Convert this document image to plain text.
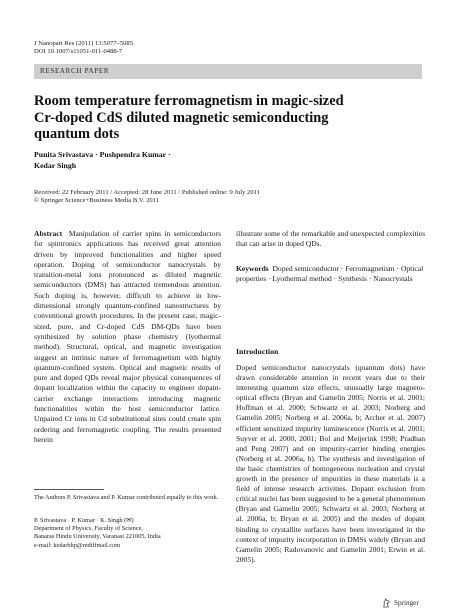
J Nanopart Res (2011) 13:5077–5085
DOI 10.1007/s11051-011-0488-7
RESEARCH PAPER
Room temperature ferromagnetism in magic-sized Cr-doped CdS diluted magnetic semiconducting quantum dots
Punita Srivastava · Pushpendra Kumar ·
Kedar Singh
Received: 22 February 2011 / Accepted: 28 June 2011 / Published online: 9 July 2011
© Springer Science+Business Media B.V. 2011

Abstract Manipulation of carrier spins in semiconductors for spintronics applications has received great attention driven by improved functionalities and higher speed operation. Doping of semiconductor nanocrystals by transition-metal ions pronounced as diluted magnetic semiconductors (DMS) has attracted tremendous attention. Such doping is, however, difficult to achieve in low-dimensional strongly quantum-confined nanostructures by conventional growth procedures. In the present case, magic-sized, pure, and Cr-doped CdS DM-QDs have been synthesized by solution phase chemistry (lyothermal method). Structural, optical, and magnetic investigation suggest an intrinsic nature of ferromagnetism with highly quantum-confined system. Optical and magnetic results of pure and doped QDs reveal major physical consequences of dopant localization within the capacity to engineer dopant-carrier exchange interactions introducing magnetic functionalities within the host semiconductor lattice. Unpaired Cr ions in Cd substitutional sites could create spin ordering and ferromagnetic coupling. The results presented herein

illustrate some of the remarkable and unexpected complexities that can arise in doped QDs.

Keywords Doped semiconductor · Ferromagnetism · Optical properties · Lyothermal method · Synthesis · Nanocrystals
Introduction

Doped semiconductor nanocrystals (quantum dots) have drawn considerable attention in recent years due to their interesting quantum size effects, unusually large magneto-optical effects (Bryan and Gamelin 2005; Norris et al. 2001; Hoffman et al. 2000; Schwartz et al. 2003; Norberg and Gamelin 2005; Norberg et al. 2006a, b; Archer et al. 2007) efficient sensitized impurity luminescence (Norris et al. 2001; Suyver et al. 2000, 2001; Bol and Meijerink 1998; Pradhan and Peng 2007) and on impurity-carrier binding energies (Norberg et al. 2006a, b). The synthesis and investigation of the basic chemistries of homogeneous nucleation and crystal growth in the presence of impurities in these materials is a field of intense research activities. Dopant exclusion from critical nuclei has been suggested to be a general phenomenon (Bryan and Gamelin 2005; Schwartz et al. 2003; Norberg et al. 2006a, b; Bryan et al. 2005) and the modes of dopant binding to crystallite surfaces have been investigated in the context of impurity incorporation in DMSs widely (Bryan and Gamelin 2005; Radovanovic and Gamelin 2001; Erwin et al. 2005).

The Authors P. Srivastava and P. Kumar contributed equally to this work.
P. Srivastava · P. Kumar · K. Singh (✉)
Department of Physics, Faculty of Science,
Banaras Hindu University, Varanasi 221005, India
e-mail: kedarbhp@rediffmail.com
Springer
